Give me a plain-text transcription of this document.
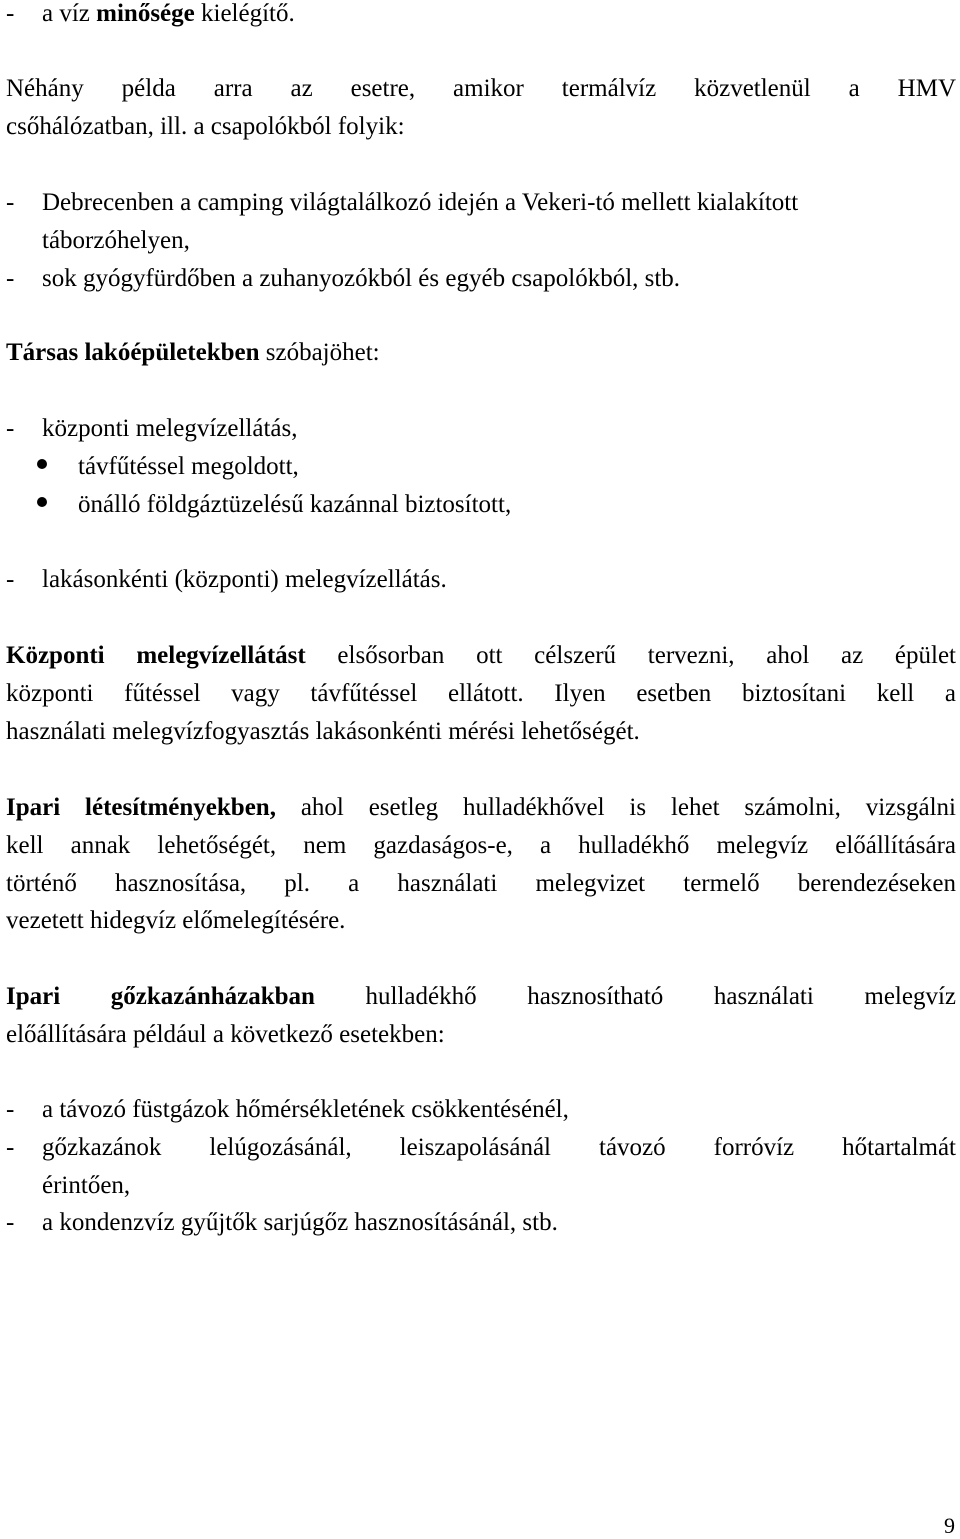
- a víz minősége kielégítő.
Néhány példa arra az esetre, amikor termálvíz közvetlenül a HMV
csőhálózatban, ill. a csapolókból folyik:
- Debrecenben a camping világtalálkozó idején a Vekeri-tó mellett kialakított
táborzóhelyen,
- sok gyógyfürdőben a zuhanyozókból és egyéb csapolókból, stb.
Társas lakóépületekben szóbajöhet:
- központi melegvízellátás,
távfűtéssel megoldott,
önálló földgáztüzelésű kazánnal biztosított,
- lakásonkénti (központi) melegvízellátás.
Központi melegvízellátást elsősorban ott célszerű tervezni, ahol az épület
központi fűtéssel vagy távfűtéssel ellátott. Ilyen esetben biztosítani kell a
használati melegvízfogyasztás lakásonkénti mérési lehetőségét.
Ipari létesítményekben, ahol esetleg hulladékhővel is lehet számolni, vizsgálni
kell annak lehetőségét, nem gazdaságos-e, a hulladékhő melegvíz előállítására
történő hasznosítása, pl. a használati melegvizet termelő berendezéseken
vezetett hidegvíz előmelegítésére.
Ipari gőzkazánházakban hulladékhő hasznosítható használati melegvíz
előállítására például a következő esetekben:
- a távozó füstgázok hőmérsékletének csökkentésénél,
- gőzkazánok lelúgozásánál, leiszapolásánál távozó forróvíz hőtartalmát
érintően,
- a kondenzvíz gyűjtők sarjúgőz hasznosításánál, stb.
9
